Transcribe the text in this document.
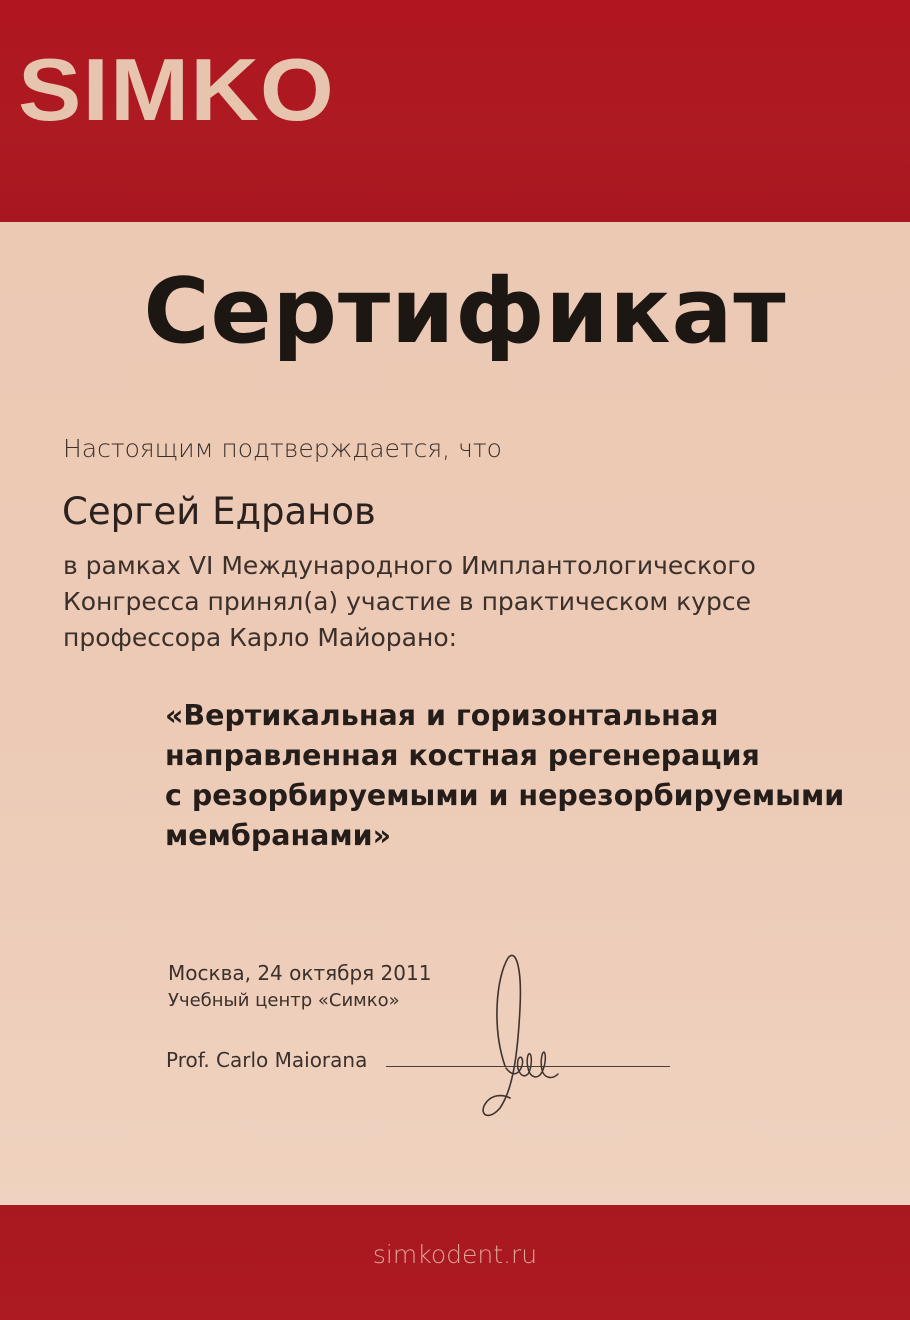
SIMKO
Сертификат
Настоящим подтверждается, что
Сергей Едранов
в рамках VI Международного Имплантологического
Конгресса принял(а) участие в практическом курсе
профессора Карло Майорано:
«Вертикальная и горизонтальная
направленная костная регенерация
с резорбируемыми и нерезорбируемыми
мембранами»
Москва, 24 октября 2011
Учебный центр «Симко»
Prof. Carlo Maiorana
simkodent.ru
